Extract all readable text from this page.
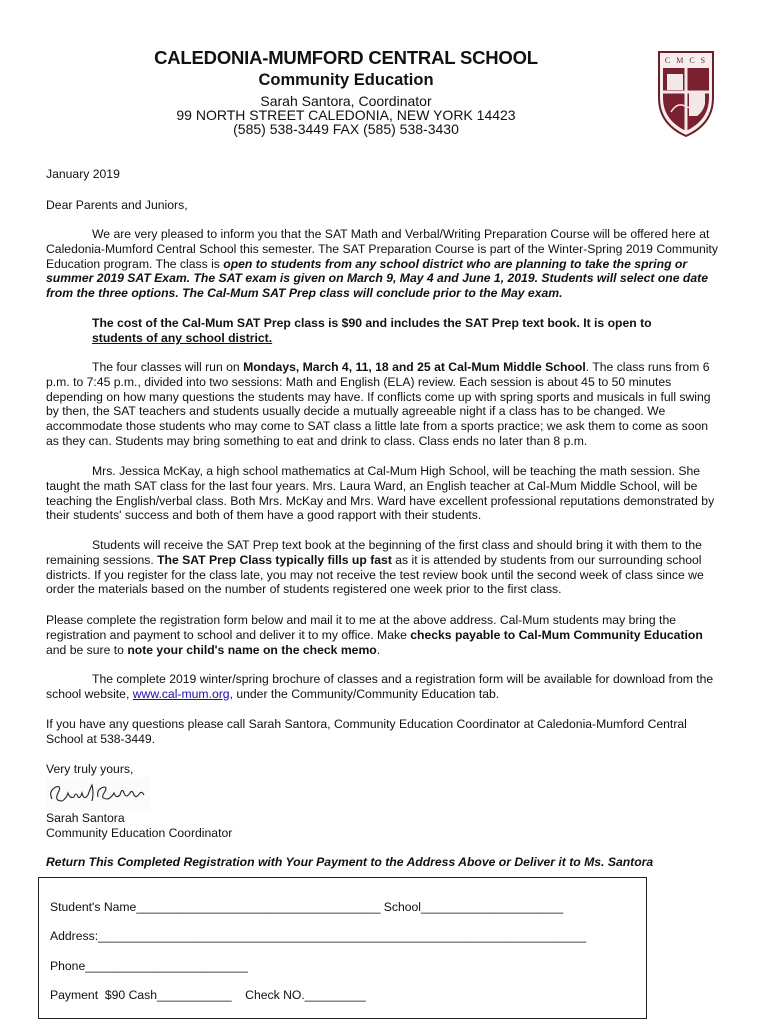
CALEDONIA-MUMFORD CENTRAL SCHOOL
Community Education
Sarah Santora, Coordinator
99 NORTH STREET CALEDONIA, NEW YORK 14423
(585) 538-3449 FAX (585) 538-3430
C M C S
January 2019
Dear Parents and Juniors,

We are very pleased to inform you that the SAT Math and Verbal/Writing Preparation Course will be offered here at Caledonia-Mumford Central School this semester. The SAT Preparation Course is part of the Winter-Spring 2019 Community Education program. The class is open to students from any school district who are planning to take the spring or summer 2019 SAT Exam. The SAT exam is given on March 9, May 4 and June 1, 2019. Students will select one date from the three options. The Cal-Mum SAT Prep class will conclude prior to the May exam.

The cost of the Cal-Mum SAT Prep class is $90 and includes the SAT Prep text book. It is open to students of any school district.

The four classes will run on Mondays, March 4, 11, 18 and 25 at Cal-Mum Middle School. The class runs from 6 p.m. to 7:45 p.m., divided into two sessions: Math and English (ELA) review. Each session is about 45 to 50 minutes depending on how many questions the students may have. If conflicts come up with spring sports and musicals in full swing by then, the SAT teachers and students usually decide a mutually agreeable night if a class has to be changed. We accommodate those students who may come to SAT class a little late from a sports practice; we ask them to come as soon as they can. Students may bring something to eat and drink to class. Class ends no later than 8 p.m.

Mrs. Jessica McKay, a high school mathematics at Cal-Mum High School, will be teaching the math session. She taught the math SAT class for the last four years. Mrs. Laura Ward, an English teacher at Cal-Mum Middle School, will be teaching the English/verbal class. Both Mrs. McKay and Mrs. Ward have excellent professional reputations demonstrated by their students' success and both of them have a good rapport with their students.

Students will receive the SAT Prep text book at the beginning of the first class and should bring it with them to the remaining sessions. The SAT Prep Class typically fills up fast as it is attended by students from our surrounding school districts. If you register for the class late, you may not receive the test review book until the second week of class since we order the materials based on the number of students registered one week prior to the first class.

Please complete the registration form below and mail it to me at the above address. Cal-Mum students may bring the registration and payment to school and deliver it to my office. Make checks payable to Cal-Mum Community Education and be sure to note your child's name on the check memo.

The complete 2019 winter/spring brochure of classes and a registration form will be available for download from the school website, www.cal-mum.org, under the Community/Community Education tab.

If you have any questions please call Sarah Santora, Community Education Coordinator at Caledonia-Mumford Central School at 538-3449.

Very truly yours,
Sarah Santora
Community Education Coordinator
Return This Completed Registration with Your Payment to the Address Above or Deliver it to Ms. Santora
Student's Name____________________________________ School_____________________
Address:________________________________________________________________________
Phone________________________
Payment  $90 Cash___________    Check NO._________
